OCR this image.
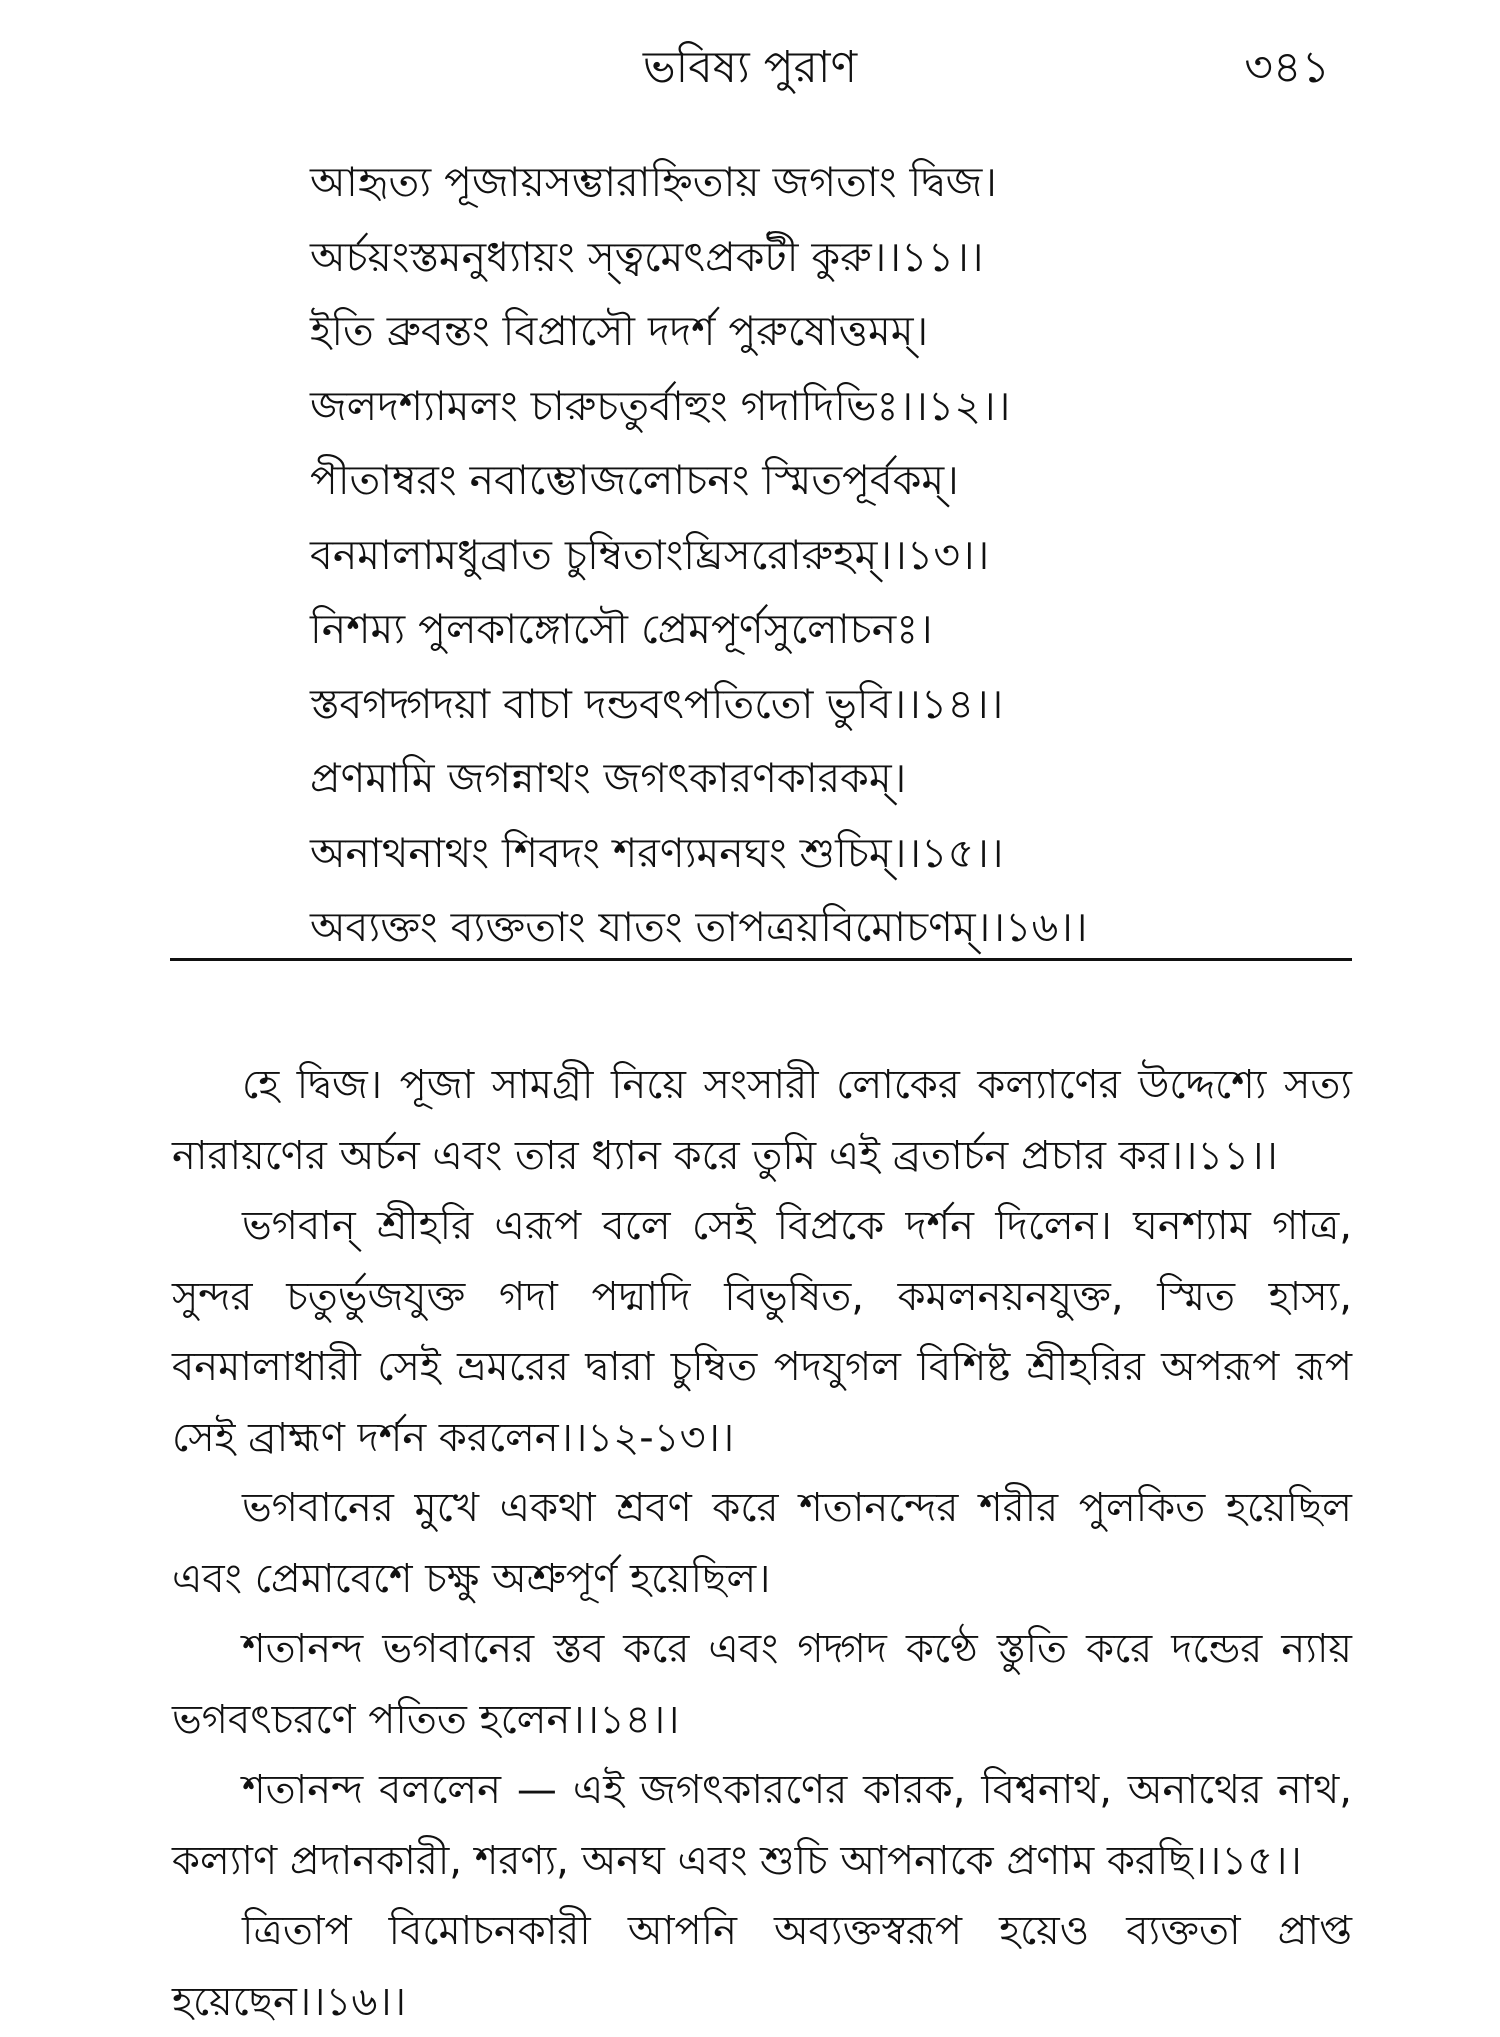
ভবিষ্য পুরাণ	৩৪১
আহৃত্য পূজায়সম্ভারাহ্নিতায় জগতাং দ্বিজ।
অর্চয়ংস্তমনুধ্যায়ং স্ত্বমেৎপ্রকটী কুরু।।১১।।
ইতি ব্রুবন্তং বিপ্রাসৌ দদর্শ পুরুষোত্তমম্।
জলদশ্যামলং চারুচতুর্বাহুং গদাদিভিঃ।।১২।।
পীতাম্বরং নবাম্ভোজলোচনং স্মিতপূর্বকম্।
বনমালামধুব্রাত চুম্বিতাংঘ্রিসরোরুহম্।।১৩।।
নিশম্য পুলকাঙ্গোসৌ প্রেমপূর্ণসুলোচনঃ।
স্তবগদ্গদয়া বাচা দন্ডবৎপতিতো ভুবি।।১৪।।
প্রণমামি জগন্নাথং জগৎকারণকারকম্।
অনাথনাথং শিবদং শরণ্যমনঘং শুচিম্।।১৫।।
অব্যক্তং ব্যক্ততাং যাতং তাপত্রয়বিমোচণম্।।১৬।।

হে দ্বিজ। পূজা সামগ্রী নিয়ে সংসারী লোকের কল্যাণের উদ্দেশ্যে সত্য নারায়ণের অর্চন এবং তার ধ্যান করে তুমি এই ব্রতার্চন প্রচার কর।।১১।।

ভগবান্ শ্রীহরি এরূপ বলে সেই বিপ্রকে দর্শন দিলেন। ঘনশ্যাম গাত্র, সুন্দর চতুর্ভুজযুক্ত গদা পদ্মাদি বিভুষিত, কমলনয়নযুক্ত, স্মিত হাস্য, বনমালাধারী সেই ভ্রমরের দ্বারা চুম্বিত পদযুগল বিশিষ্ট শ্রীহরির অপরূপ রূপ সেই ব্রাহ্মণ দর্শন করলেন।।১২-১৩।।

ভগবানের মুখে একথা শ্রবণ করে শতানন্দের শরীর পুলকিত হয়েছিল এবং প্রেমাবেশে চক্ষু অশ্রুপূর্ণ হয়েছিল।

শতানন্দ ভগবানের স্তব করে এবং গদ্গদ কণ্ঠে স্তুতি করে দন্ডের ন্যায় ভগবৎচরণে পতিত হলেন।।১৪।।

শতানন্দ বললেন — এই জগৎকারণের কারক, বিশ্বনাথ, অনাথের নাথ, কল্যাণ প্রদানকারী, শরণ্য, অনঘ এবং শুচি আপনাকে প্রণাম করছি।।১৫।।

ত্রিতাপ বিমোচনকারী আপনি অব্যক্তস্বরূপ হয়েও ব্যক্ততা প্রাপ্ত হয়েছেন।।১৬।।
